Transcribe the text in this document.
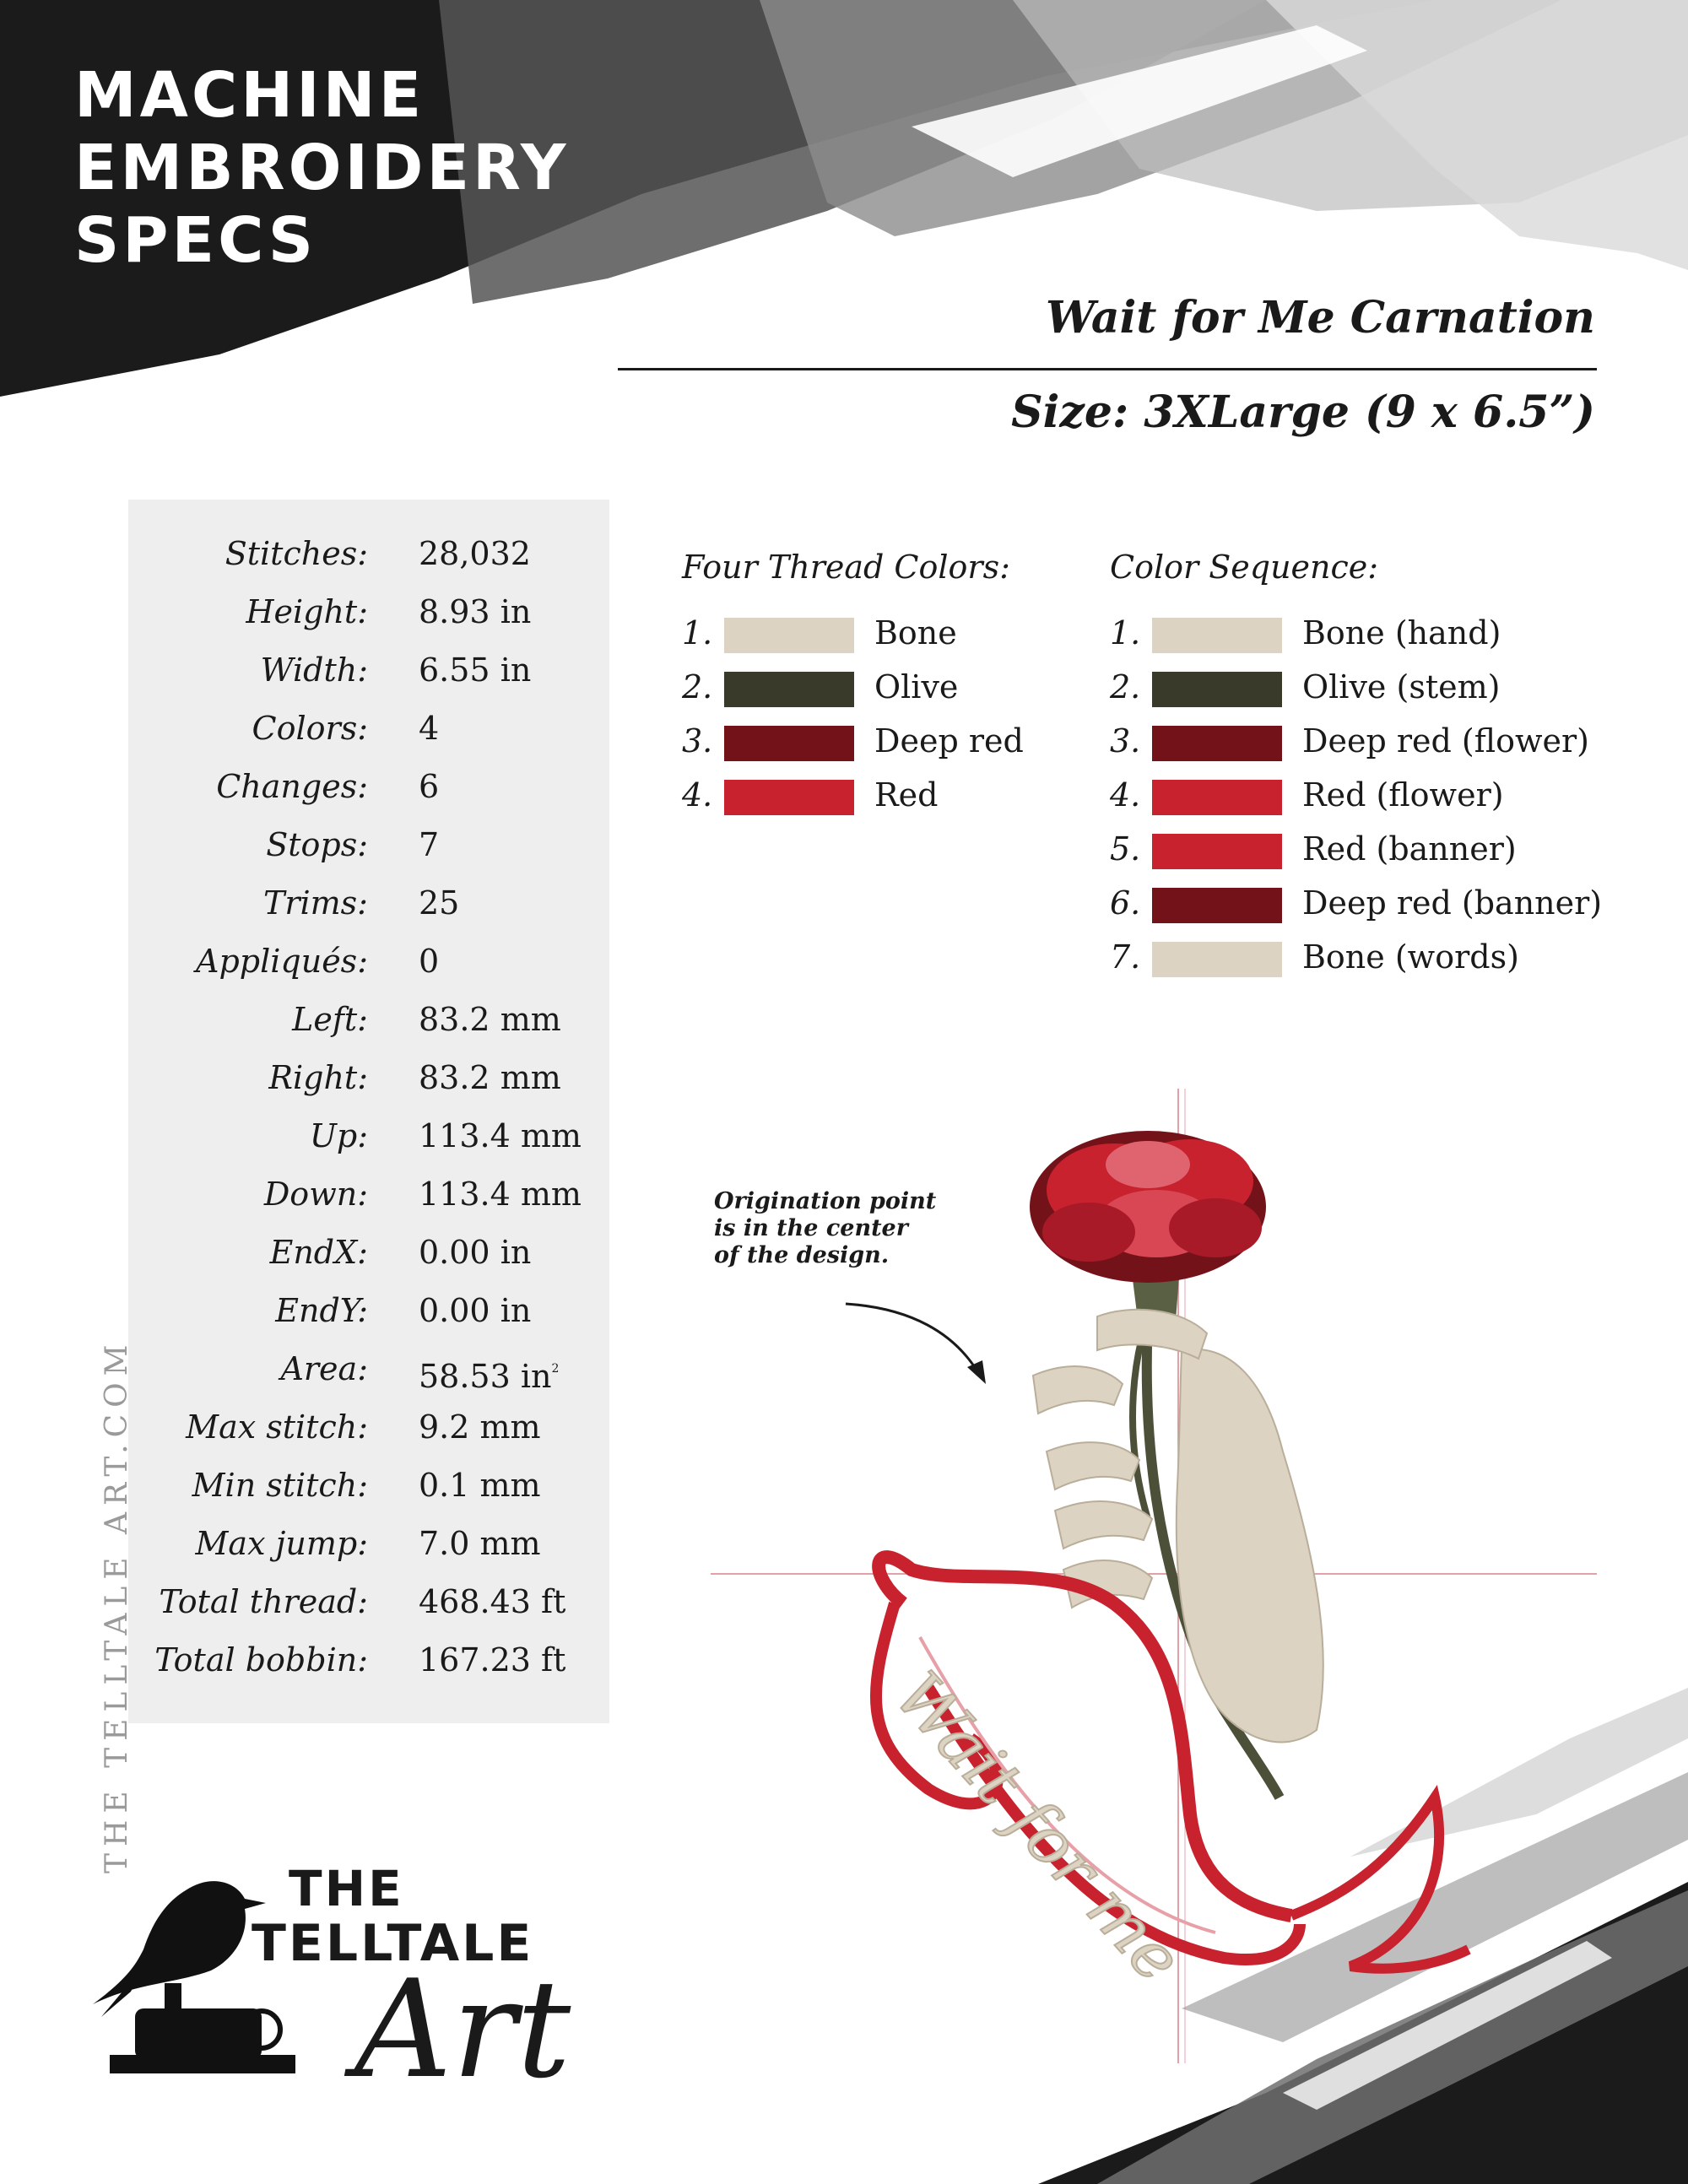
MACHINE
EMBROIDERY
SPECS
Wait for Me Carnation
Size: 3XLarge (9 x 6.5”)
Stitches: 28,032
Height: 8.93 in
Width: 6.55 in
Colors: 4
Changes: 6
Stops: 7
Trims: 25
Appliqués: 0
Left: 83.2 mm
Right: 83.2 mm
Up: 113.4 mm
Down: 113.4 mm
EndX: 0.00 in
EndY: 0.00 in
Area: 58.53 $in^2$
Max stitch: 9.2 mm
Min stitch: 0.1 mm
Max jump: 7.0 mm
Total thread: 468.43 ft
Total bobbin: 167.23 ft
Four Thread Colors:
1.	Bone
2.	Olive
3.	Deep red
4.	Red
Color Sequence:
1.	Bone (hand)
2.	Olive (stem)
3.	Deep red (flower)
4.	Red (flower)
5.	Red (banner)
6.	Deep red (banner)
7.	Bone (words)
Origination point
is in the center
of the design.
Wait for me
THE TELLTALE ART.COM
THE
TELLTALE
Art
